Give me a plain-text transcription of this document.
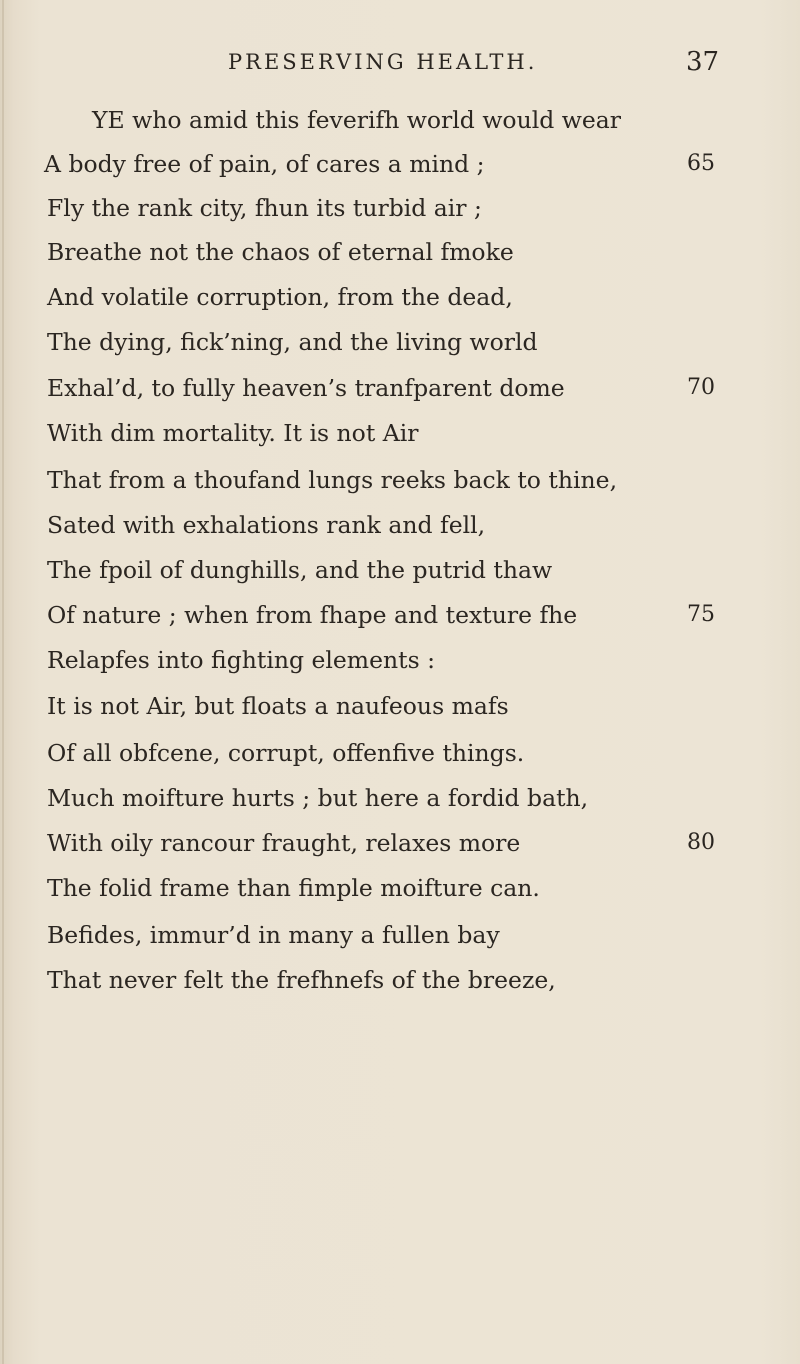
PRESERVING HEALTH.	37
YE who amid this feverifh world would wear
A body free of pain, of cares a mind ;	65
Fly the rank city, fhun its turbid air ;
Breathe not the chaos of eternal fmoke
And volatile corruption, from the dead,
The dying, fick’ning, and the living world
Exhal’d, to fully heaven’s tranfparent dome	70
With dim mortality. It is not Air
That from a thoufand lungs reeks back to thine,
Sated with exhalations rank and fell,
The fpoil of dunghills, and the putrid thaw
Of nature ; when from fhape and texture fhe	75
Relapfes into fighting elements :
It is not Air, but floats a naufeous mafs
Of all obfcene, corrupt, offenfive things.
Much moifture hurts ; but here a fordid bath,
With oily rancour fraught, relaxes more	80
The folid frame than fimple moifture can.
Befides, immur’d in many a fullen bay
That never felt the frefhnefs of the breeze,
